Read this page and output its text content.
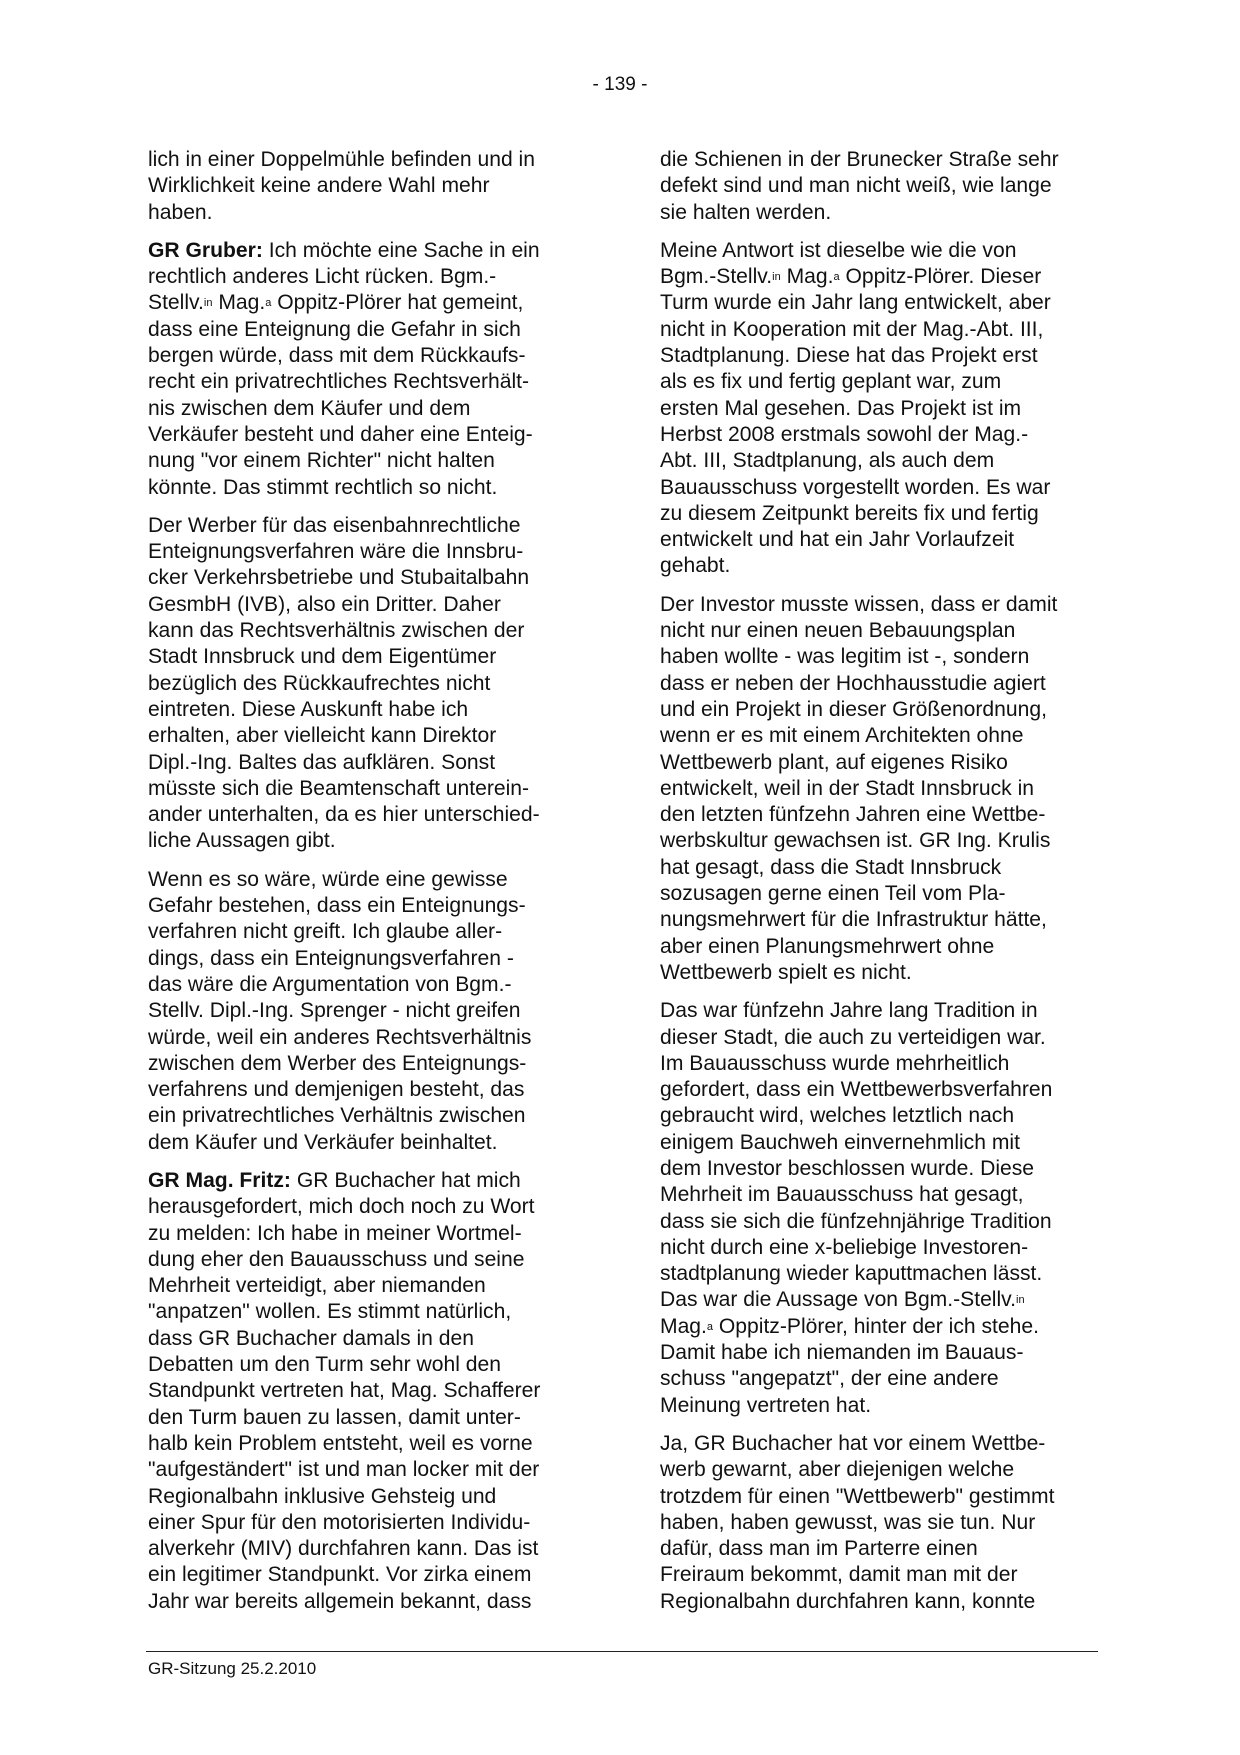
- 139 -

lich in einer Doppelmühle befinden und in
Wirklichkeit keine andere Wahl mehr
haben.

GR Gruber: Ich möchte eine Sache in ein
rechtlich anderes Licht rücken. Bgm.-
Stellv.$^{in}$ Mag.$^a$ Oppitz-Plörer hat gemeint,
dass eine Enteignung die Gefahr in sich
bergen würde, dass mit dem Rückkaufs-
recht ein privatrechtliches Rechtsverhält-
nis zwischen dem Käufer und dem
Verkäufer besteht und daher eine Enteig-
nung "vor einem Richter" nicht halten
könnte. Das stimmt rechtlich so nicht.

Der Werber für das eisenbahnrechtliche
Enteignungsverfahren wäre die Innsbru-
cker Verkehrsbetriebe und Stubaitalbahn
GesmbH (IVB), also ein Dritter. Daher
kann das Rechtsverhältnis zwischen der
Stadt Innsbruck und dem Eigentümer
bezüglich des Rückkaufrechtes nicht
eintreten. Diese Auskunft habe ich
erhalten, aber vielleicht kann Direktor
Dipl.-Ing. Baltes das aufklären. Sonst
müsste sich die Beamtenschaft unterein-
ander unterhalten, da es hier unterschied-
liche Aussagen gibt.

Wenn es so wäre, würde eine gewisse
Gefahr bestehen, dass ein Enteignungs-
verfahren nicht greift. Ich glaube aller-
dings, dass ein Enteignungsverfahren -
das wäre die Argumentation von Bgm.-
Stellv. Dipl.-Ing. Sprenger - nicht greifen
würde, weil ein anderes Rechtsverhältnis
zwischen dem Werber des Enteignungs-
verfahrens und demjenigen besteht, das
ein privatrechtliches Verhältnis zwischen
dem Käufer und Verkäufer beinhaltet.

GR Mag. Fritz: GR Buchacher hat mich
herausgefordert, mich doch noch zu Wort
zu melden: Ich habe in meiner Wortmel-
dung eher den Bauausschuss und seine
Mehrheit verteidigt, aber niemanden
"anpatzen" wollen. Es stimmt natürlich,
dass GR Buchacher damals in den
Debatten um den Turm sehr wohl den
Standpunkt vertreten hat, Mag. Schafferer
den Turm bauen zu lassen, damit unter-
halb kein Problem entsteht, weil es vorne
"aufgeständert" ist und man locker mit der
Regionalbahn inklusive Gehsteig und
einer Spur für den motorisierten Individu-
alverkehr (MIV) durchfahren kann. Das ist
ein legitimer Standpunkt. Vor zirka einem
Jahr war bereits allgemein bekannt, dass

die Schienen in der Brunecker Straße sehr
defekt sind und man nicht weiß, wie lange
sie halten werden.

Meine Antwort ist dieselbe wie die von
Bgm.-Stellv.$^{in}$ Mag.$^a$ Oppitz-Plörer. Dieser
Turm wurde ein Jahr lang entwickelt, aber
nicht in Kooperation mit der Mag.-Abt. III,
Stadtplanung. Diese hat das Projekt erst
als es fix und fertig geplant war, zum
ersten Mal gesehen. Das Projekt ist im
Herbst 2008 erstmals sowohl der Mag.-
Abt. III, Stadtplanung, als auch dem
Bauausschuss vorgestellt worden. Es war
zu diesem Zeitpunkt bereits fix und fertig
entwickelt und hat ein Jahr Vorlaufzeit
gehabt.

Der Investor musste wissen, dass er damit
nicht nur einen neuen Bebauungsplan
haben wollte - was legitim ist -, sondern
dass er neben der Hochhausstudie agiert
und ein Projekt in dieser Größenordnung,
wenn er es mit einem Architekten ohne
Wettbewerb plant, auf eigenes Risiko
entwickelt, weil in der Stadt Innsbruck in
den letzten fünfzehn Jahren eine Wettbe-
werbskultur gewachsen ist. GR Ing. Krulis
hat gesagt, dass die Stadt Innsbruck
sozusagen gerne einen Teil vom Pla-
nungsmehrwert für die Infrastruktur hätte,
aber einen Planungsmehrwert ohne
Wettbewerb spielt es nicht.

Das war fünfzehn Jahre lang Tradition in
dieser Stadt, die auch zu verteidigen war.
Im Bauausschuss wurde mehrheitlich
gefordert, dass ein Wettbewerbsverfahren
gebraucht wird, welches letztlich nach
einigem Bauchweh einvernehmlich mit
dem Investor beschlossen wurde. Diese
Mehrheit im Bauausschuss hat gesagt,
dass sie sich die fünfzehnjährige Tradition
nicht durch eine x-beliebige Investoren-
stadtplanung wieder kaputtmachen lässt.
Das war die Aussage von Bgm.-Stellv.$^{in}$
Mag.$^a$ Oppitz-Plörer, hinter der ich stehe.
Damit habe ich niemanden im Bauaus-
schuss "angepatzt", der eine andere
Meinung vertreten hat.

Ja, GR Buchacher hat vor einem Wettbe-
werb gewarnt, aber diejenigen welche
trotzdem für einen "Wettbewerb" gestimmt
haben, haben gewusst, was sie tun. Nur
dafür, dass man im Parterre einen
Freiraum bekommt, damit man mit der
Regionalbahn durchfahren kann, konnte

GR-Sitzung 25.2.2010
